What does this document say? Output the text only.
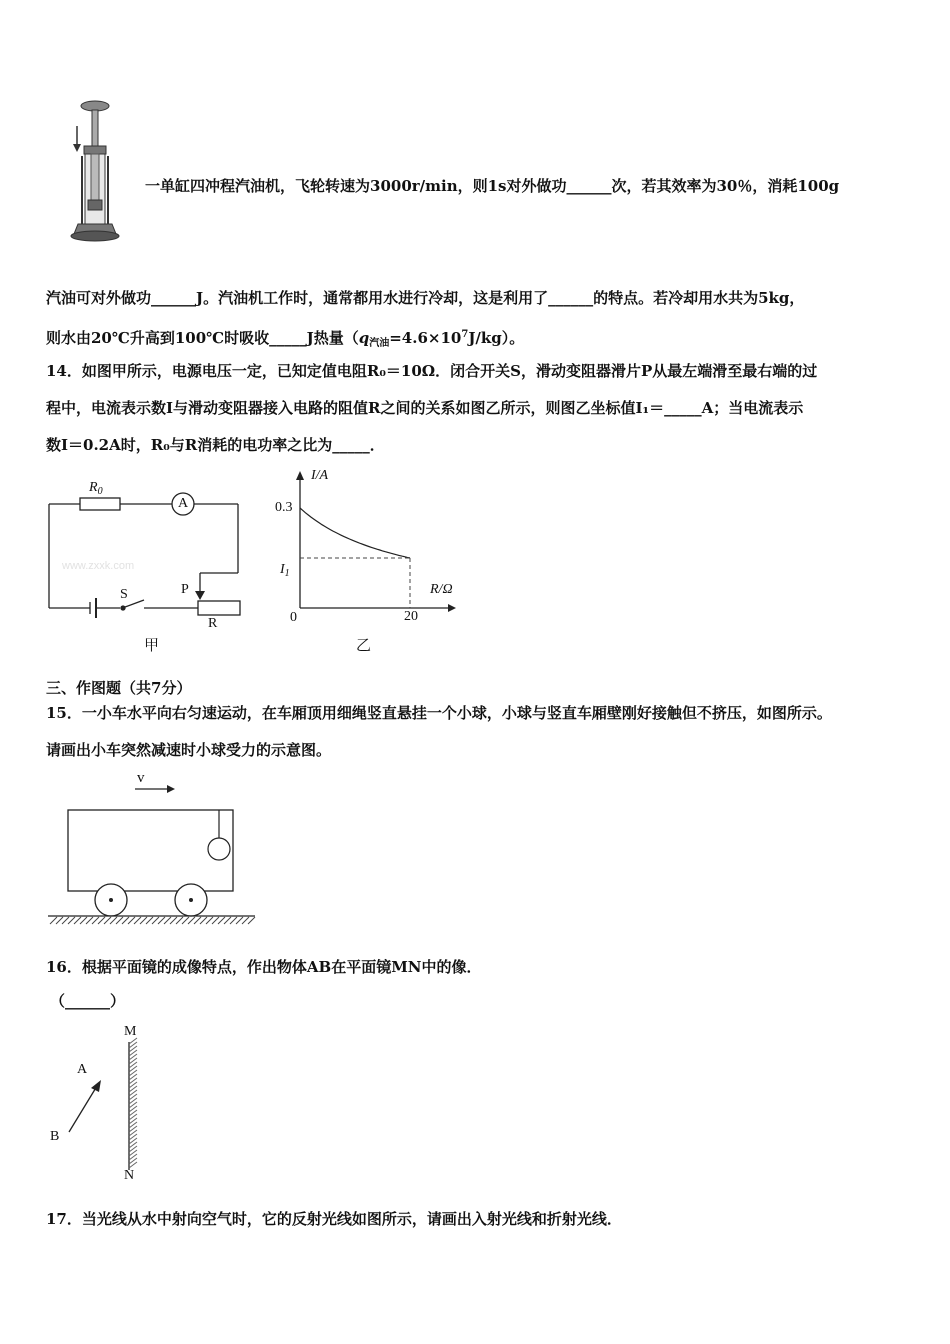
一单缸四冲程汽油机，飞轮转速为3000r/min，则1s对外做功______次，若其效率为30％，消耗100g
汽油可对外做功______J。汽油机工作时，通常都用水进行冷却，这是利用了______的特点。若冷却用水共为5kg，
则水由20℃升高到100℃时吸收_____J热量$(q_{汽油}=4.6\times 10^7J/kg)$。
14．如图甲所示，电源电压一定，已知定值电阻R₀＝10Ω．闭合开关S，滑动变阻器滑片P从最左端滑至最右端的过
程中，电流表示数I与滑动变阻器接入电路的阻值R之间的关系如图乙所示，则图乙坐标值I₁＝_____A；当电流表示
数I＝0.2A时，R₀与R消耗的电功率之比为_____．
$R_0$
A
S	P
R
www.zxxk.com
甲
I/A
R/Ω
0.3
$I_1$
0	20
乙
三、作图题（共7分）
15．一小车水平向右匀速运动，在车厢顶用细绳竖直悬挂一个小球，小球与竖直车厢壁刚好接触但不挤压，如图所示。
请画出小车突然减速时小球受力的示意图。
v
16．根据平面镜的成像特点，作出物体AB在平面镜MN中的像．
（______）
M
N
A
B
17．当光线从水中射向空气时，它的反射光线如图所示，请画出入射光线和折射光线．
